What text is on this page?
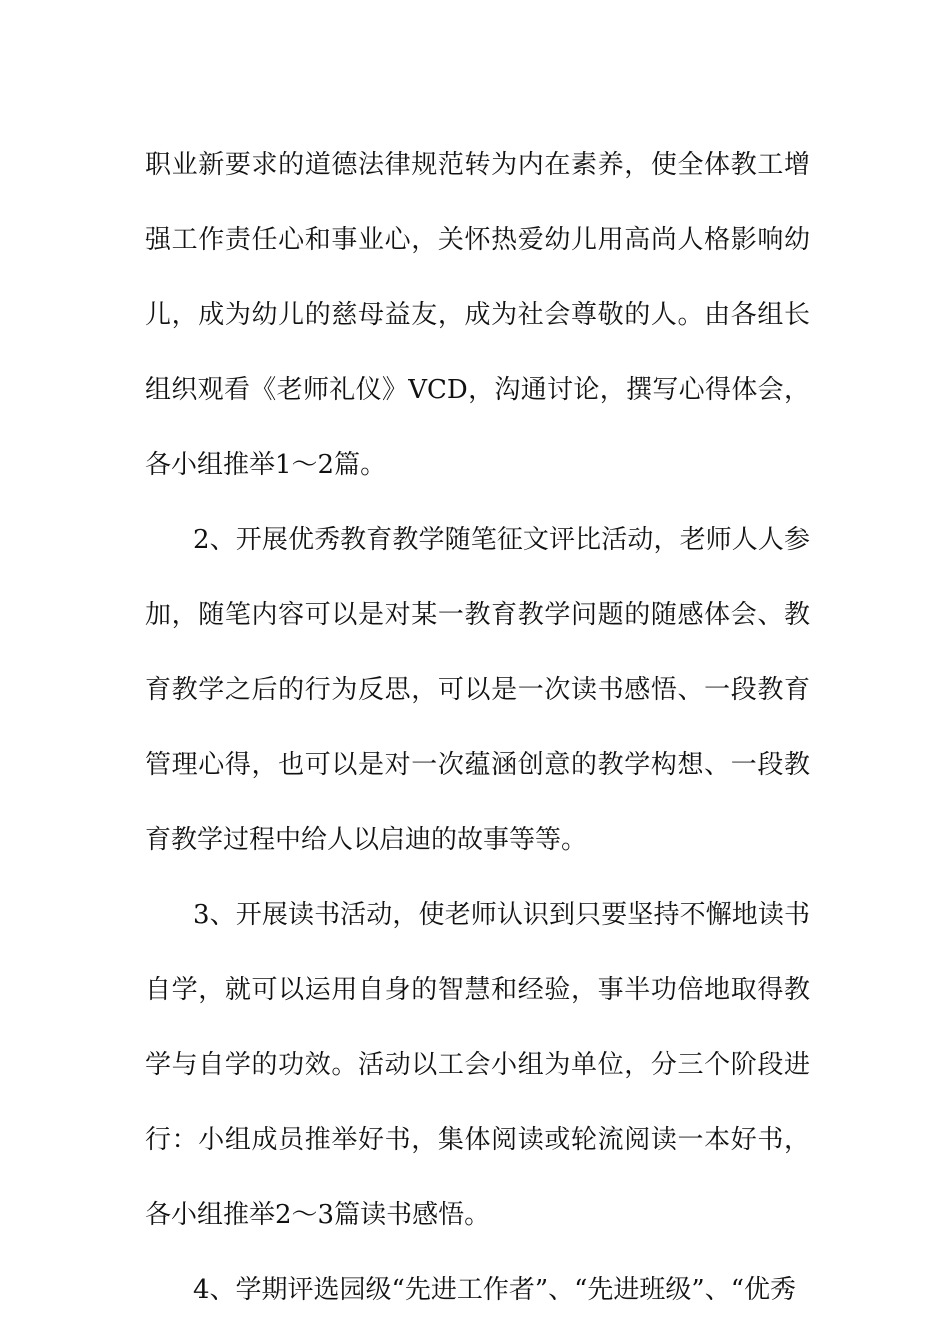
职业新要求的道德法律规范转为内在素养，使全体教工增强工作责任心和事业心，关怀热爱幼儿用高尚人格影响幼儿，成为幼儿的慈母益友，成为社会尊敬的人。由各组长组织观看《老师礼仪》VCD，沟通讨论，撰写心得体会，各小组推举1～2篇。

2、开展优秀教育教学随笔征文评比活动，老师人人参加，随笔内容可以是对某一教育教学问题的随感体会、教育教学之后的行为反思，可以是一次读书感悟、一段教育管理心得，也可以是对一次蕴涵创意的教学构想、一段教育教学过程中给人以启迪的故事等等。

3、开展读书活动，使老师认识到只要坚持不懈地读书自学，就可以运用自身的智慧和经验，事半功倍地取得教学与自学的功效。活动以工会小组为单位，分三个阶段进行：小组成员推举好书，集体阅读或轮流阅读一本好书，各小组推举2～3篇读书感悟。

4、学期评选园级“先进工作者”、“先进班级”、“优秀
